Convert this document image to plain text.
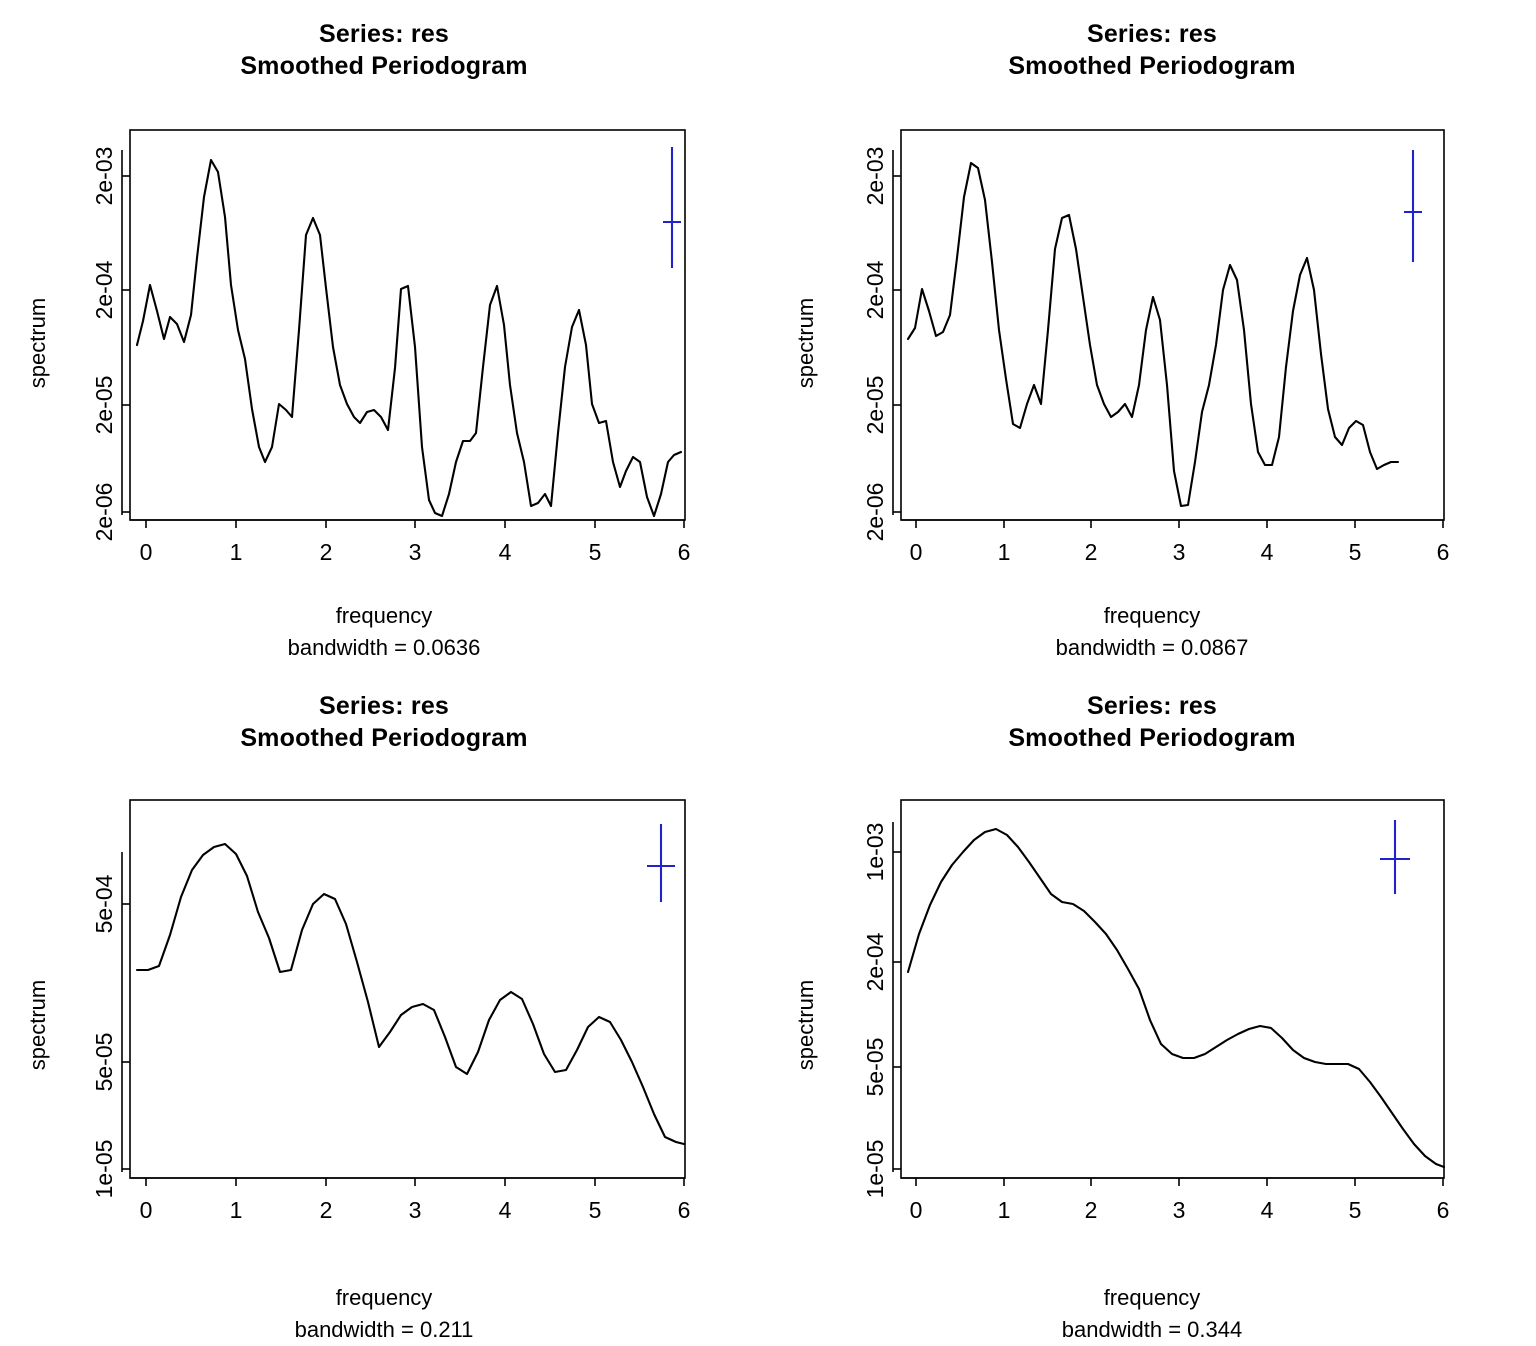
Series: res
Smoothed Periodogram
spectrum
frequency
bandwidth = 0.0636
2e-06
2e-05
2e-04
2e-03
0	1	2	3	4	5	6
Series: res
Smoothed Periodogram
spectrum
frequency
bandwidth = 0.0867
2e-06
2e-05
2e-04
2e-03
0	1	2	3	4	5	6
Series: res
Smoothed Periodogram
spectrum
frequency
bandwidth = 0.211
1e-05
5e-05
5e-04
0	1	2	3	4	5	6
Series: res
Smoothed Periodogram
spectrum
frequency
bandwidth = 0.344
1e-05
5e-05
2e-04
1e-03
0	1	2	3	4	5	6
